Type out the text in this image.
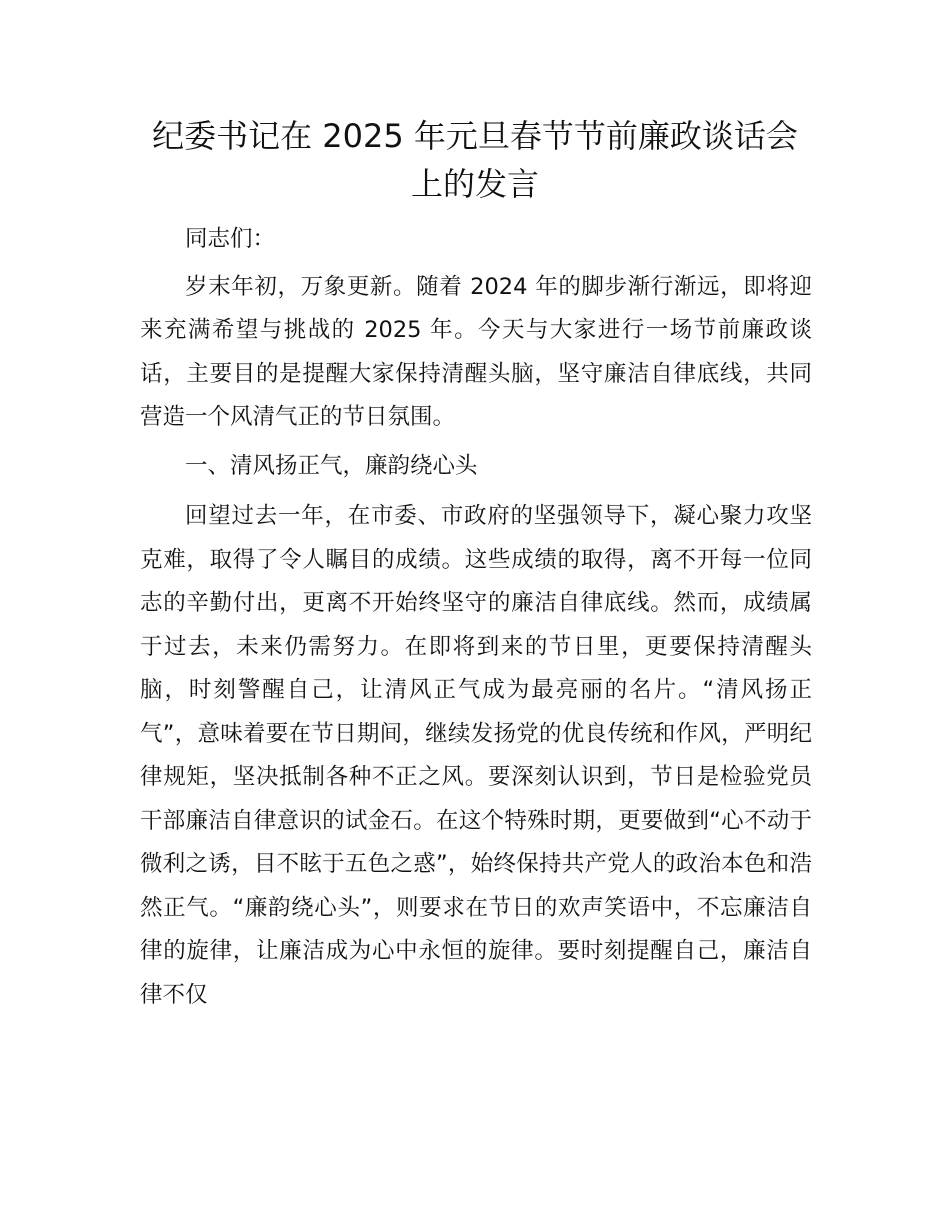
纪委书记在 2025 年元旦春节节前廉政谈话会上的发言

同志们：

岁末年初，万象更新。随着 2024 年的脚步渐行渐远，即将迎来充满希望与挑战的 2025 年。今天与大家进行一场节前廉政谈话，主要目的是提醒大家保持清醒头脑，坚守廉洁自律底线，共同营造一个风清气正的节日氛围。

一、清风扬正气，廉韵绕心头

回望过去一年，在市委、市政府的坚强领导下，凝心聚力攻坚克难，取得了令人瞩目的成绩。这些成绩的取得，离不开每一位同志的辛勤付出，更离不开始终坚守的廉洁自律底线。然而，成绩属于过去，未来仍需努力。在即将到来的节日里，更要保持清醒头脑，时刻警醒自己，让清风正气成为最亮丽的名片。“清风扬正气”，意味着要在节日期间，继续发扬党的优良传统和作风，严明纪律规矩，坚决抵制各种不正之风。要深刻认识到，节日是检验党员干部廉洁自律意识的试金石。在这个特殊时期，更要做到“心不动于微利之诱，目不眩于五色之惑”，始终保持共产党人的政治本色和浩然正气。“廉韵绕心头”，则要求在节日的欢声笑语中，不忘廉洁自律的旋律，让廉洁成为心中永恒的旋律。要时刻提醒自己，廉洁自律不仅
